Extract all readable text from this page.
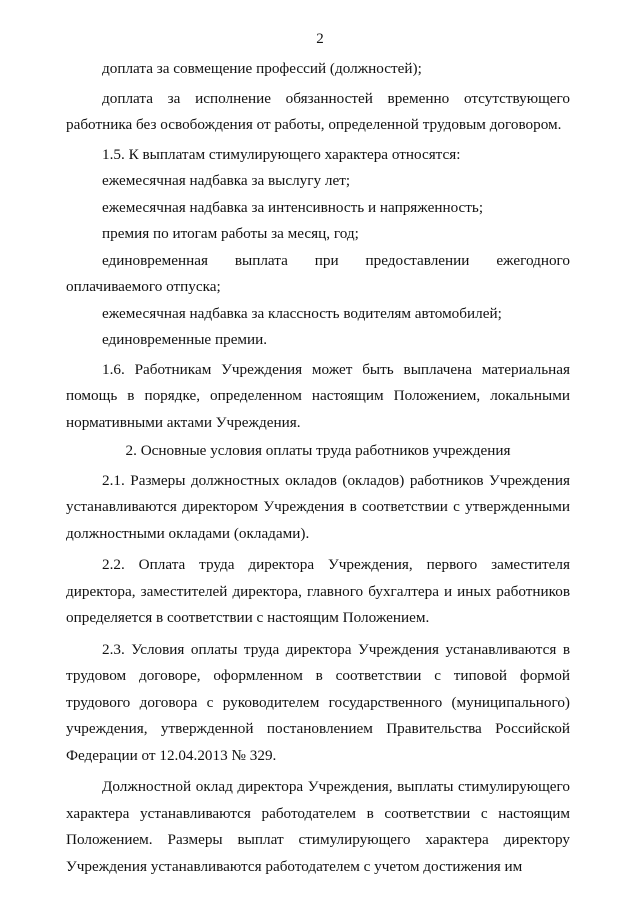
2

доплата за совмещение профессий (должностей);

доплата за исполнение обязанностей временно отсутствующего работника без освобождения от работы, определенной трудовым договором.

1.5. К выплатам стимулирующего характера относятся:

ежемесячная надбавка за выслугу лет;

ежемесячная надбавка за интенсивность и напряженность;

премия по итогам работы за месяц, год;

единовременная выплата при предоставлении ежегодного оплачиваемого отпуска;

ежемесячная надбавка за классность водителям автомобилей;

единовременные премии.

1.6. Работникам Учреждения может быть выплачена материальная помощь в порядке, определенном настоящим Положением, локальными нормативными актами Учреждения.

2. Основные условия оплаты труда работников учреждения

2.1. Размеры должностных окладов (окладов) работников Учреждения устанавливаются директором Учреждения в соответствии с утвержденными должностными окладами (окладами).

2.2. Оплата труда директора Учреждения, первого заместителя директора, заместителей директора, главного бухгалтера и иных работников определяется в соответствии с настоящим Положением.

2.3. Условия оплаты труда директора Учреждения устанавливаются в трудовом договоре, оформленном в соответствии с типовой формой трудового договора с руководителем государственного (муниципального) учреждения, утвержденной постановлением Правительства Российской Федерации от 12.04.2013 № 329.

Должностной оклад директора Учреждения, выплаты стимулирующего характера устанавливаются работодателем в соответствии с настоящим Положением. Размеры выплат стимулирующего характера директору Учреждения устанавливаются работодателем с учетом достижения им
